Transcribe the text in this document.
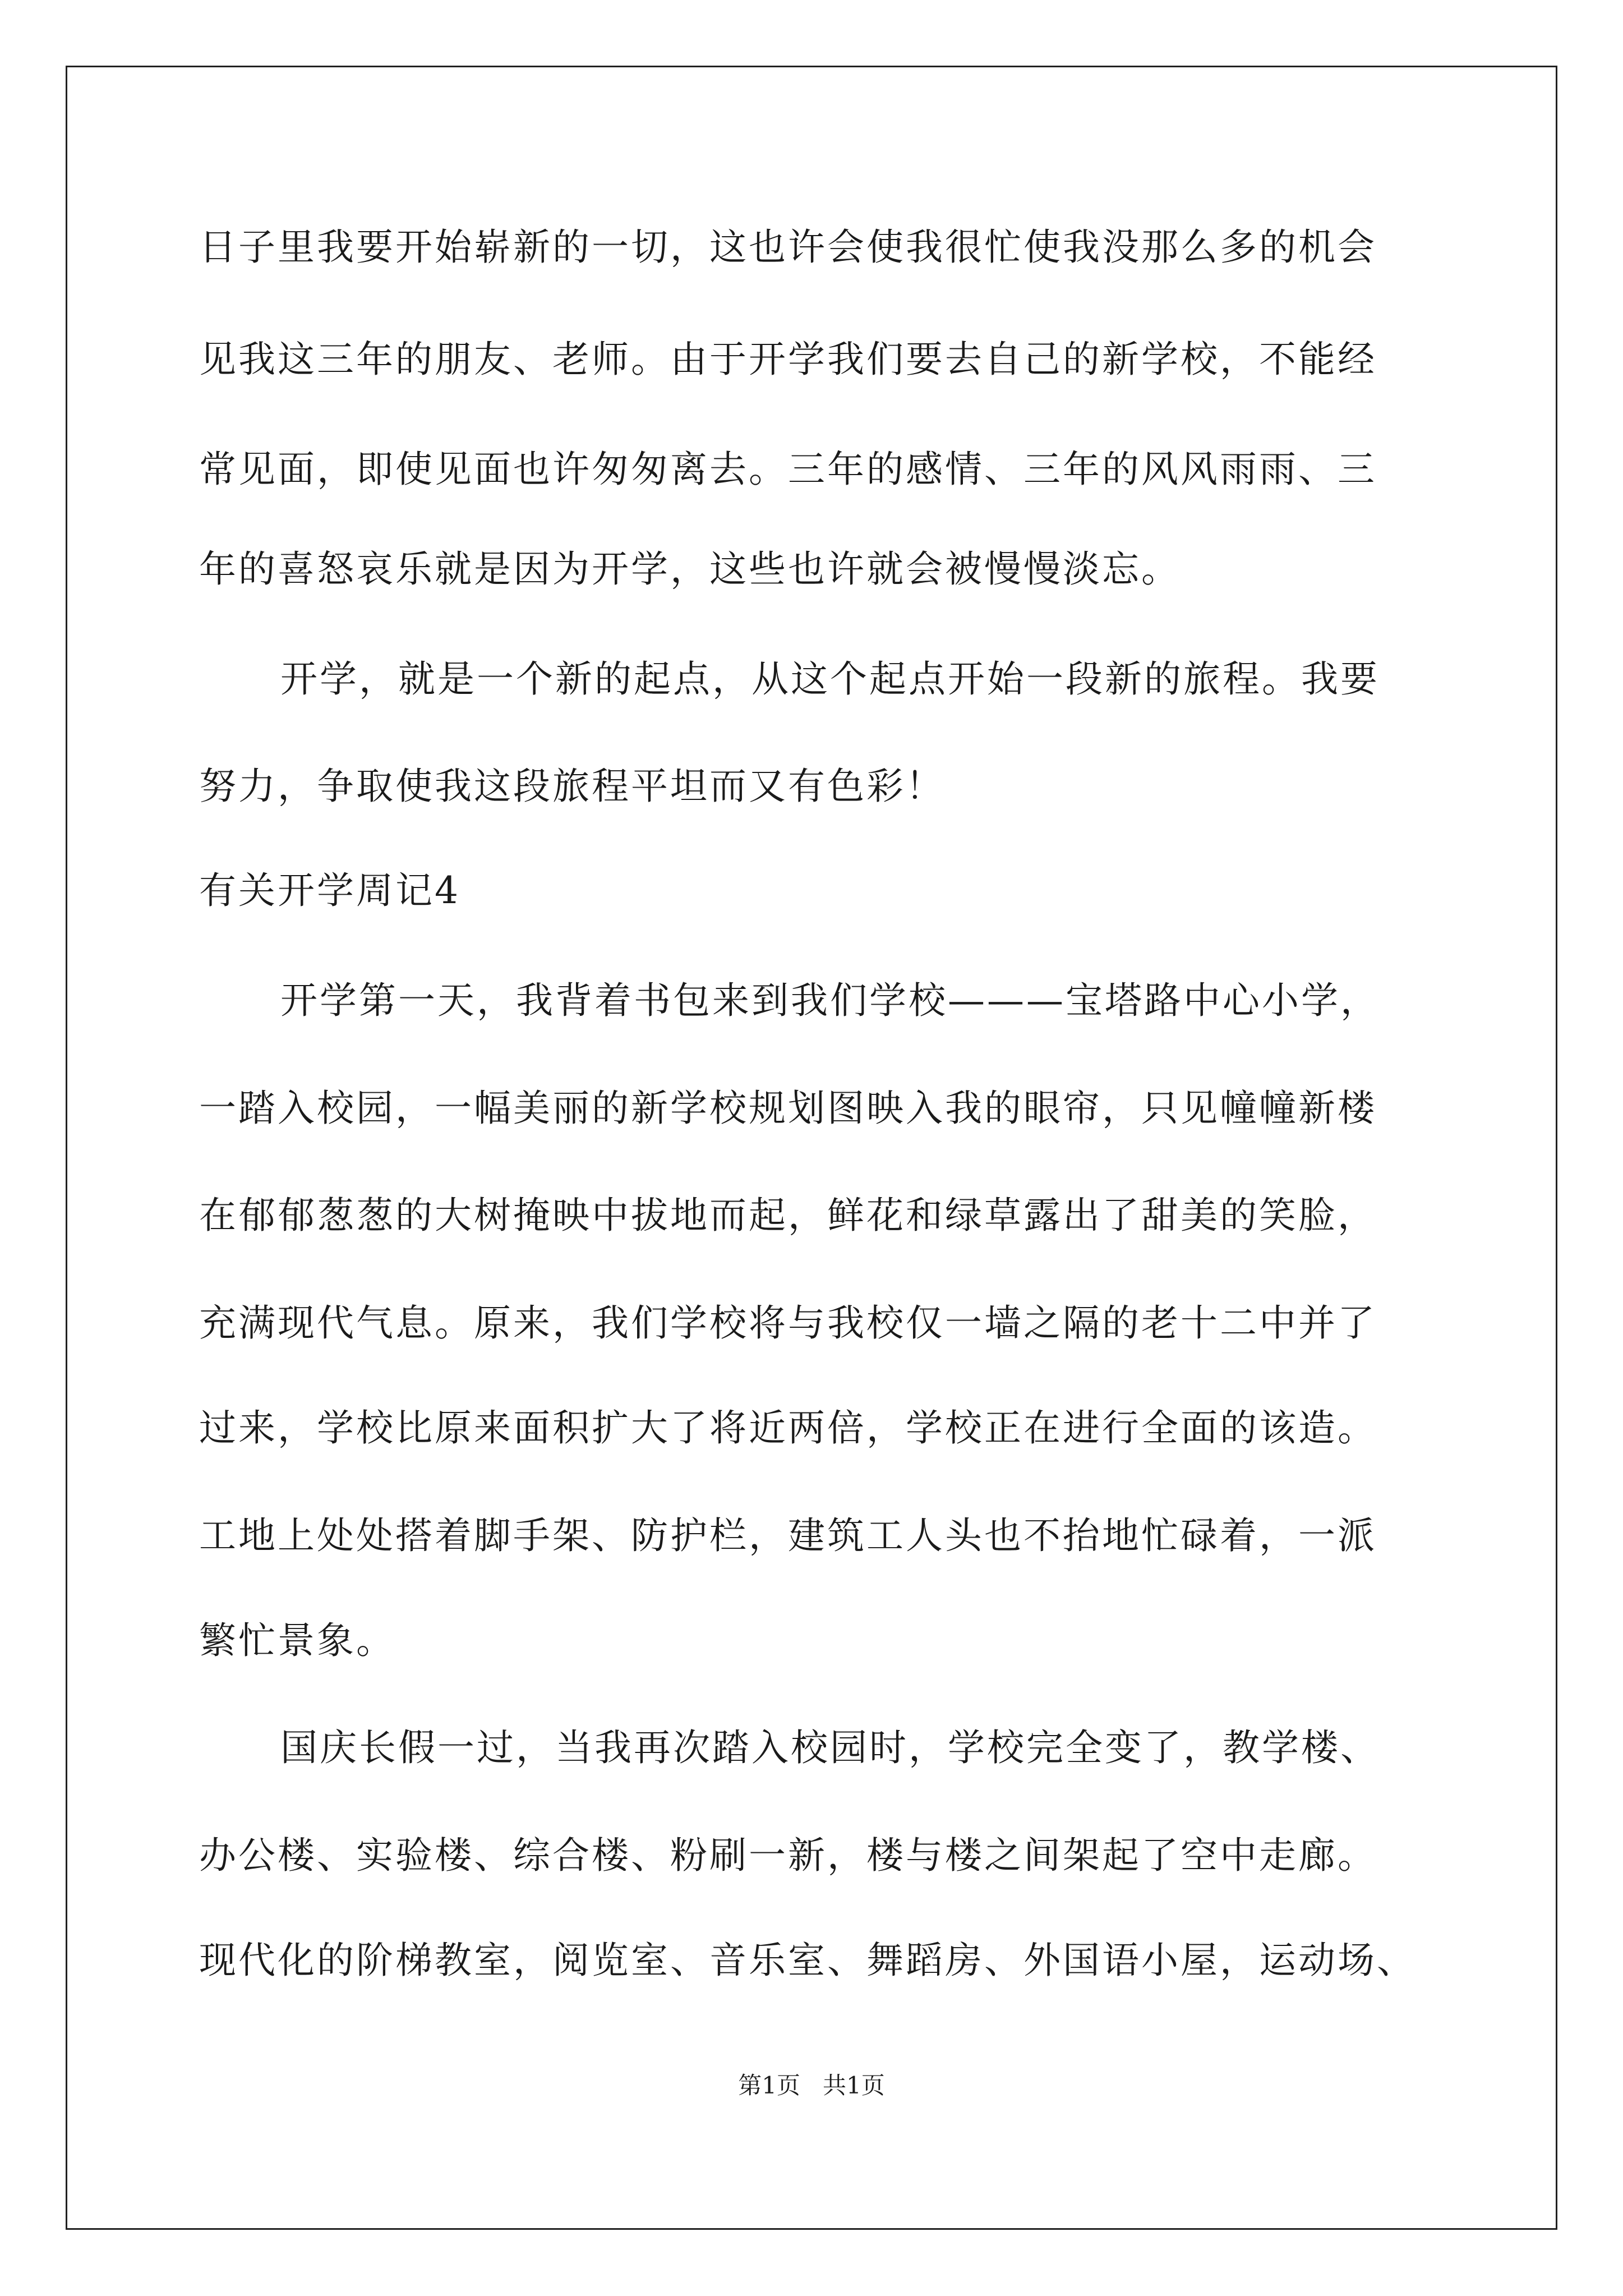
日子里我要开始崭新的一切，这也许会使我很忙使我没那么多的机会
见我这三年的朋友、老师。由于开学我们要去自己的新学校，不能经
常见面，即使见面也许匆匆离去。三年的感情、三年的风风雨雨、三
年的喜怒哀乐就是因为开学，这些也许就会被慢慢淡忘。
开学，就是一个新的起点，从这个起点开始一段新的旅程。我要
努力，争取使我这段旅程平坦而又有色彩！
有关开学周记4
开学第一天，我背着书包来到我们学校———宝塔路中心小学，
一踏入校园，一幅美丽的新学校规划图映入我的眼帘，只见幢幢新楼
在郁郁葱葱的大树掩映中拔地而起，鲜花和绿草露出了甜美的笑脸，
充满现代气息。原来，我们学校将与我校仅一墙之隔的老十二中并了
过来，学校比原来面积扩大了将近两倍，学校正在进行全面的该造。
工地上处处搭着脚手架、防护栏，建筑工人头也不抬地忙碌着，一派
繁忙景象。
国庆长假一过，当我再次踏入校园时，学校完全变了，教学楼、
办公楼、实验楼、综合楼、粉刷一新，楼与楼之间架起了空中走廊。
现代化的阶梯教室，阅览室、音乐室、舞蹈房、外国语小屋，运动场、
第1页   共1页
